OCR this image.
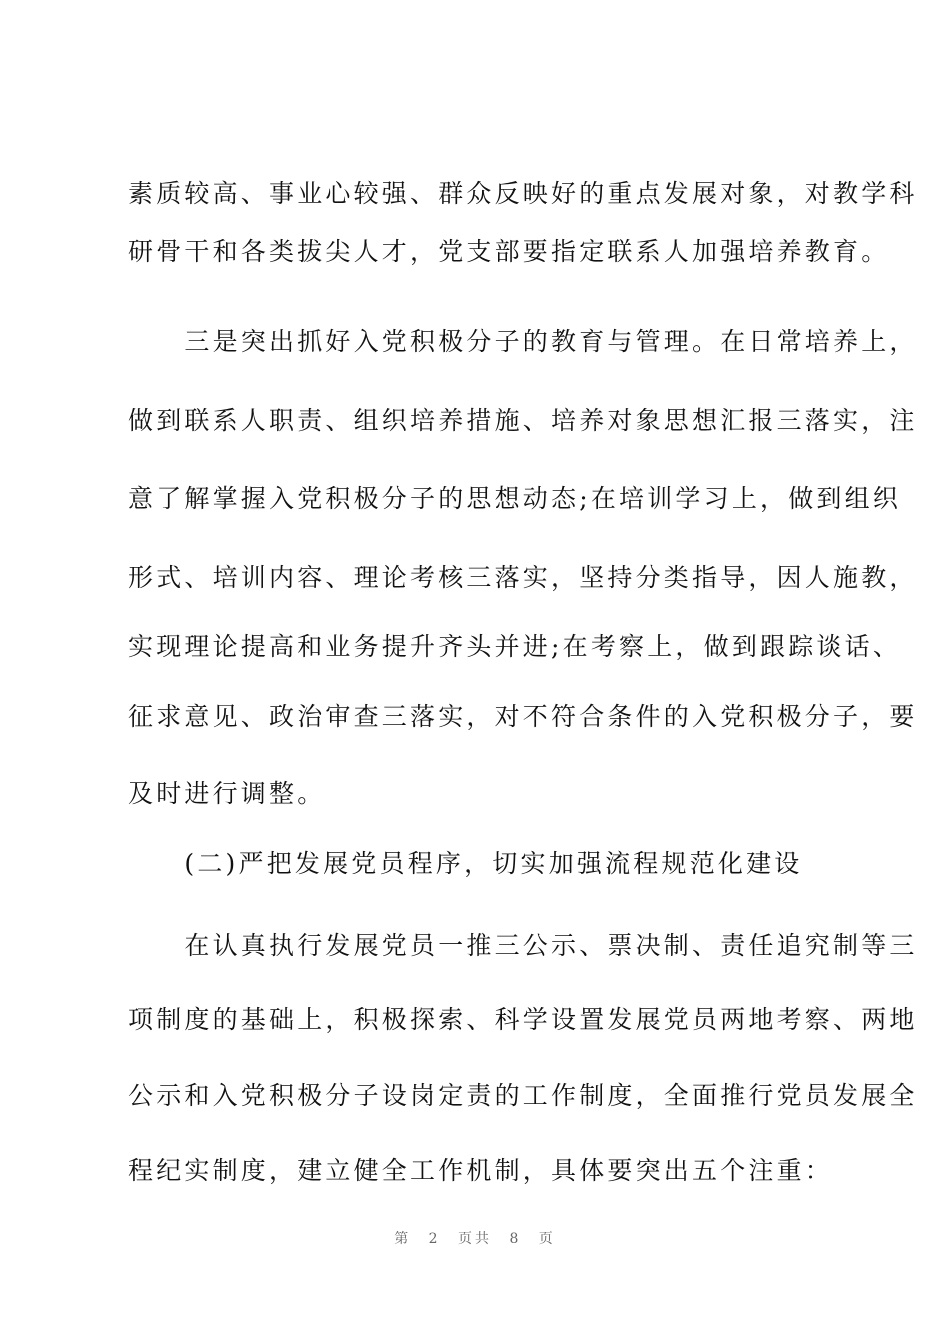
素质较高、事业心较强、群众反映好的重点发展对象，对教学科

研骨干和各类拔尖人才，党支部要指定联系人加强培养教育。

　　三是突出抓好入党积极分子的教育与管理。在日常培养上，

做到联系人职责、组织培养措施、培养对象思想汇报三落实，注

意了解掌握入党积极分子的思想动态;在培训学习上，做到组织

形式、培训内容、理论考核三落实，坚持分类指导，因人施教，

实现理论提高和业务提升齐头并进;在考察上，做到跟踪谈话、

征求意见、政治审查三落实，对不符合条件的入党积极分子，要

及时进行调整。

　　(二)严把发展党员程序，切实加强流程规范化建设

　　在认真执行发展党员一推三公示、票决制、责任追究制等三

项制度的基础上，积极探索、科学设置发展党员两地考察、两地

公示和入党积极分子设岗定责的工作制度，全面推行党员发展全

程纪实制度，建立健全工作机制，具体要突出五个注重：

第 2 页共 8 页
